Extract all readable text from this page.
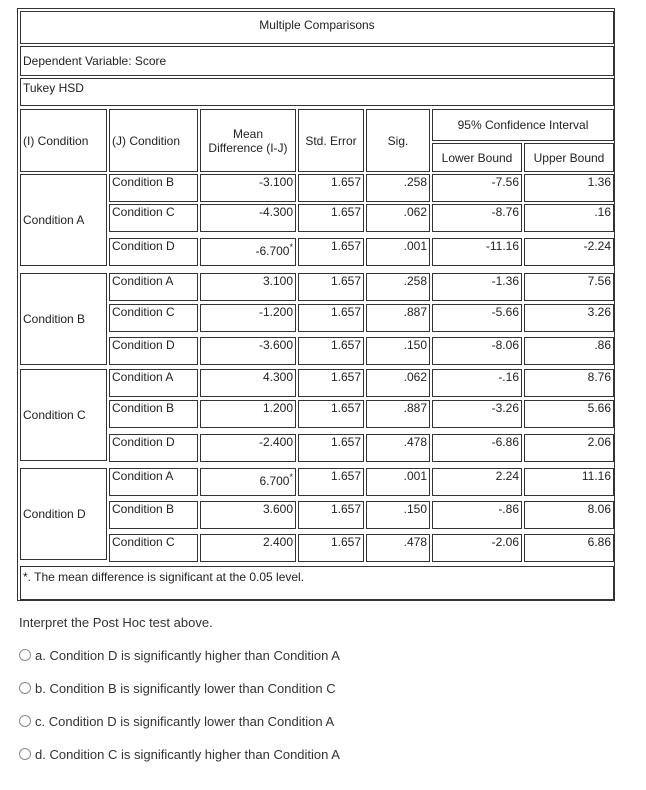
Multiple Comparisons
Dependent Variable: Score
Tukey HSD
(I) Condition	(J) Condition	Mean
Difference (I-J)	Std. Error	Sig.
95% Confidence Interval
Lower Bound	Upper Bound
Condition A
Condition B	-3.100	1.657	.258	-7.56	1.36
Condition C	-4.300	1.657	.062	-8.76	.16
Condition D	-6.700*	1.657	.001	-11.16	-2.24
Condition B
Condition A	3.100	1.657	.258	-1.36	7.56
Condition C	-1.200	1.657	.887	-5.66	3.26
Condition D	-3.600	1.657	.150	-8.06	.86
Condition C
Condition A	4.300	1.657	.062	-.16	8.76
Condition B	1.200	1.657	.887	-3.26	5.66
Condition D	-2.400	1.657	.478	-6.86	2.06
Condition D
Condition A	6.700*	1.657	.001	2.24	11.16
Condition B	3.600	1.657	.150	-.86	8.06
Condition C	2.400	1.657	.478	-2.06	6.86
*. The mean difference is significant at the 0.05 level.
Interpret the Post Hoc test above.
a. Condition D is significantly higher than Condition A
b. Condition B is significantly lower than Condition C
c. Condition D is significantly lower than Condition A
d. Condition C is significantly higher than Condition A
